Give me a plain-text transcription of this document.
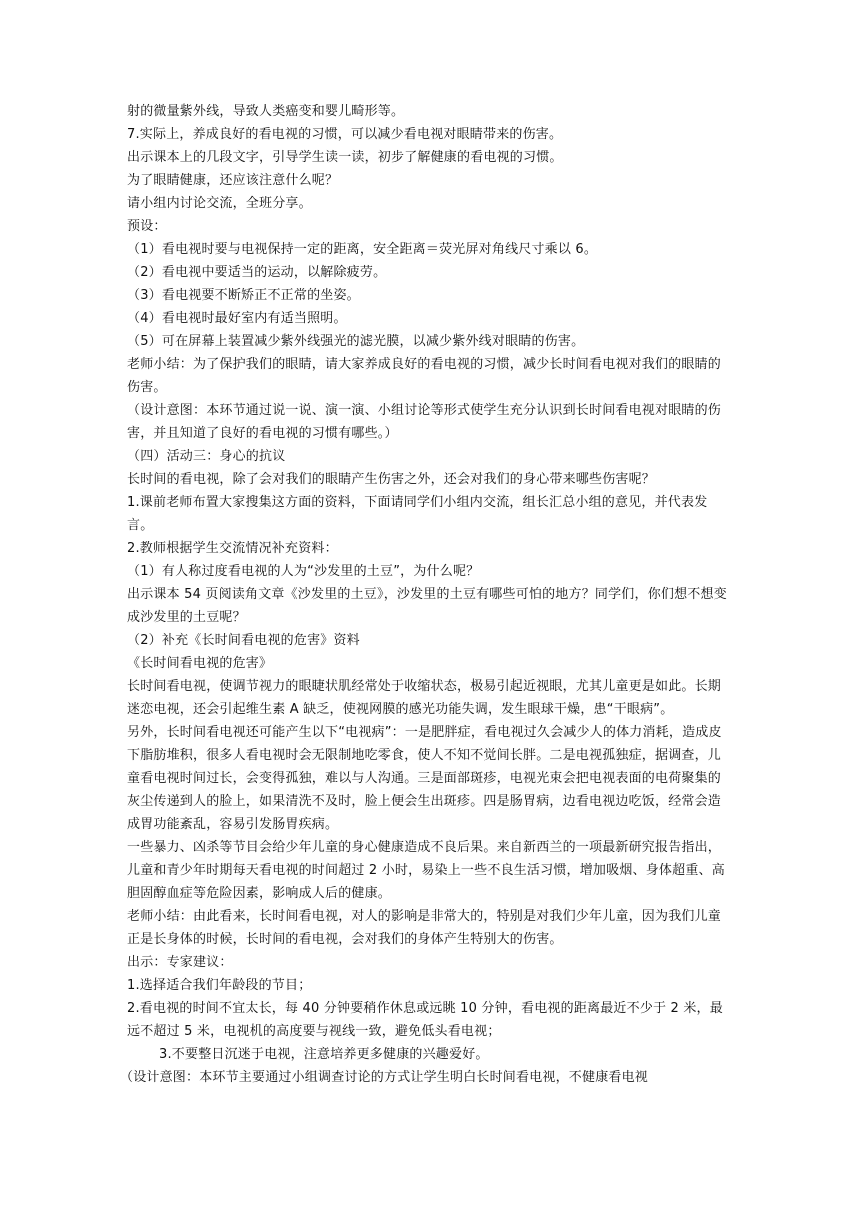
射的微量紫外线，导致人类癌变和婴儿畸形等。

7.实际上，养成良好的看电视的习惯，可以减少看电视对眼睛带来的伤害。

出示课本上的几段文字，引导学生读一读，初步了解健康的看电视的习惯。

为了眼睛健康，还应该注意什么呢？

请小组内讨论交流，全班分享。

预设：

（1）看电视时要与电视保持一定的距离，安全距离＝荧光屏对角线尺寸乘以 6。

（2）看电视中要适当的运动，以解除疲劳。

（3）看电视要不断矫正不正常的坐姿。

（4）看电视时最好室内有适当照明。

（5）可在屏幕上装置减少紫外线强光的滤光膜，以减少紫外线对眼睛的伤害。

老师小结：为了保护我们的眼睛，请大家养成良好的看电视的习惯，减少长时间看电视对我们的眼睛的伤害。

（设计意图：本环节通过说一说、演一演、小组讨论等形式使学生充分认识到长时间看电视对眼睛的伤害，并且知道了良好的看电视的习惯有哪些。）

（四）活动三：身心的抗议

长时间的看电视，除了会对我们的眼睛产生伤害之外，还会对我们的身心带来哪些伤害呢？

1.课前老师布置大家搜集这方面的资料，下面请同学们小组内交流，组长汇总小组的意见，并代表发言。

2.教师根据学生交流情况补充资料：

（1）有人称过度看电视的人为“沙发里的土豆”，为什么呢？

出示课本 54 页阅读角文章《沙发里的土豆》，沙发里的土豆有哪些可怕的地方？同学们，你们想不想变成沙发里的土豆呢？

（2）补充《长时间看电视的危害》资料

《长时间看电视的危害》

长时间看电视，使调节视力的眼睫状肌经常处于收缩状态，极易引起近视眼，尤其儿童更是如此。长期迷恋电视，还会引起维生素 A 缺乏，使视网膜的感光功能失调，发生眼球干燥，患“干眼病”。

另外，长时间看电视还可能产生以下“电视病”：一是肥胖症，看电视过久会减少人的体力消耗，造成皮下脂肪堆积，很多人看电视时会无限制地吃零食，使人不知不觉间长胖。二是电视孤独症，据调查，儿童看电视时间过长，会变得孤独，难以与人沟通。三是面部斑疹，电视光束会把电视表面的电荷聚集的灰尘传递到人的脸上，如果清洗不及时，脸上便会生出斑疹。四是肠胃病，边看电视边吃饭，经常会造成胃功能紊乱，容易引发肠胃疾病。

一些暴力、凶杀等节目会给少年儿童的身心健康造成不良后果。来自新西兰的一项最新研究报告指出，儿童和青少年时期每天看电视的时间超过 2 小时，易染上一些不良生活习惯，增加吸烟、身体超重、高胆固醇血症等危险因素，影响成人后的健康。

老师小结：由此看来，长时间看电视，对人的影响是非常大的，特别是对我们少年儿童，因为我们儿童正是长身体的时候，长时间的看电视，会对我们的身体产生特别大的伤害。

出示：专家建议：

1.选择适合我们年龄段的节目；

2.看电视的时间不宜太长，每 40 分钟要稍作休息或远眺 10 分钟，看电视的距离最近不少于 2 米，最远不超过 5 米，电视机的高度要与视线一致，避免低头看电视；

3.不要整日沉迷于电视，注意培养更多健康的兴趣爱好。

（设计意图：本环节主要通过小组调查讨论的方式让学生明白长时间看电视，不健康看电视
